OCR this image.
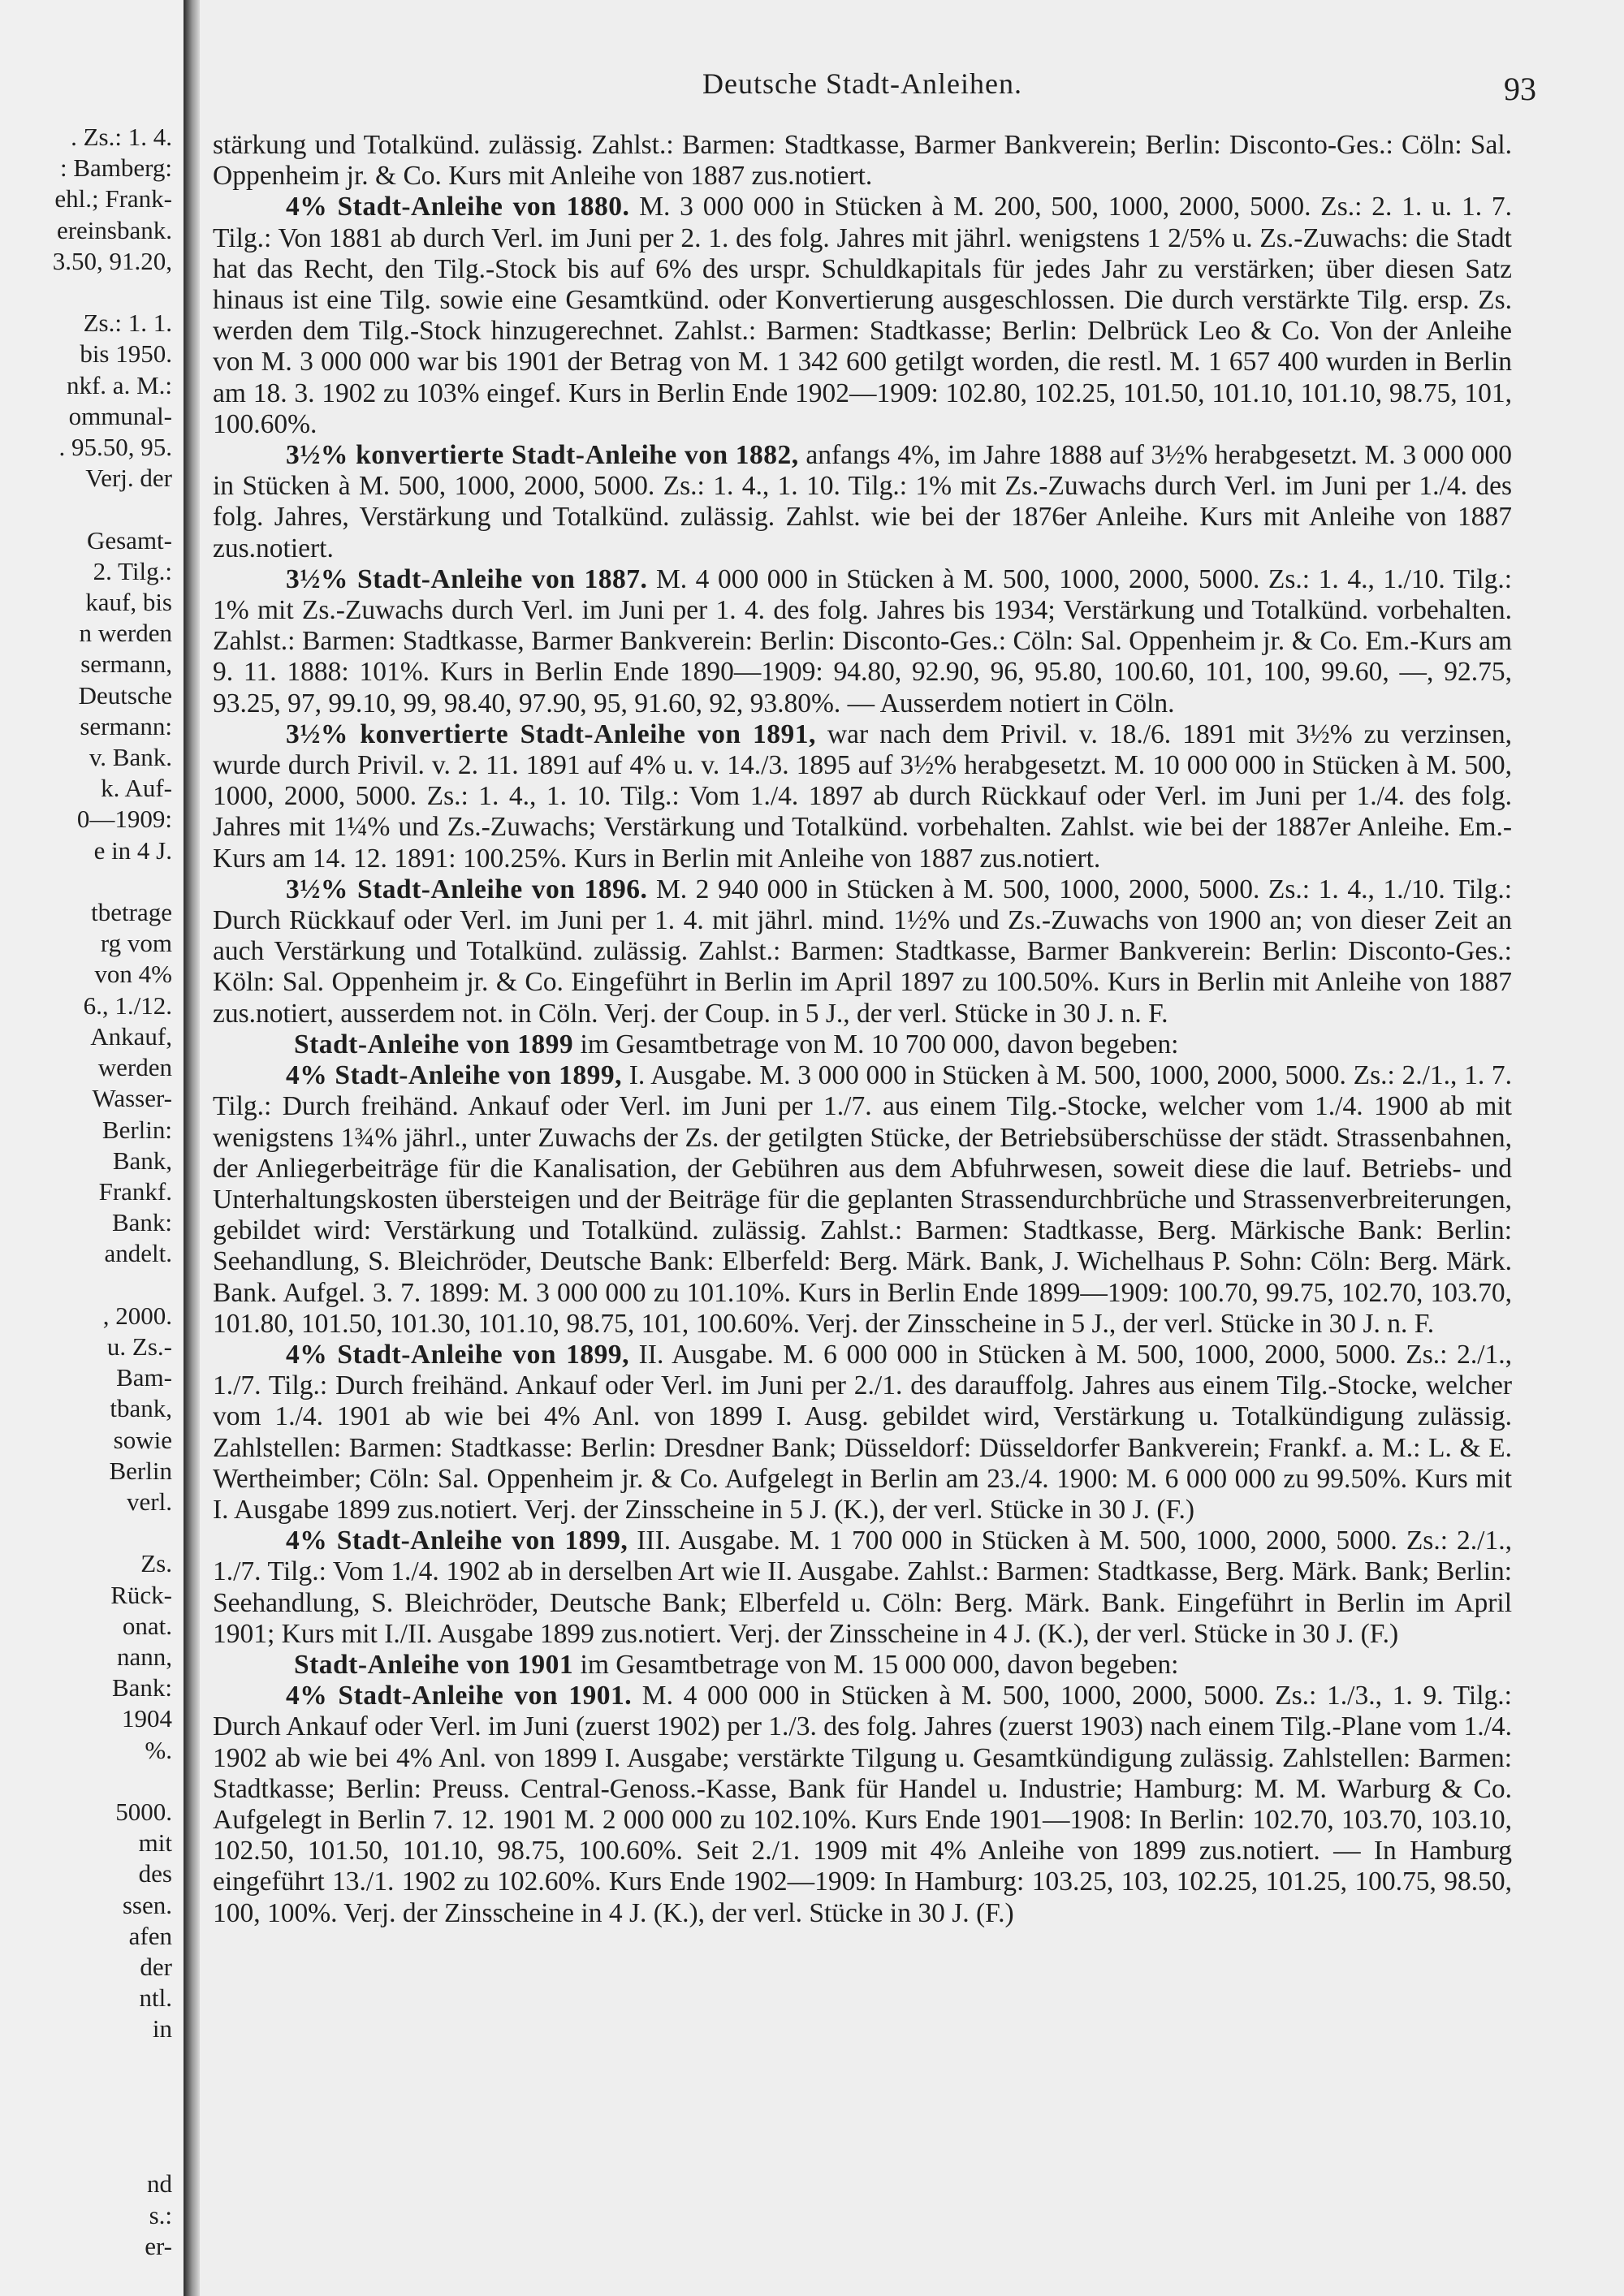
. Zs.: 1. 4.
: Bamberg:
ehl.; Frank-
ereinsbank.
3.50, 91.20,

Zs.: 1. 1.
bis 1950.
nkf. a. M.:
ommunal-
. 95.50, 95.
Verj. der

Gesamt-
2. Tilg.:
kauf, bis
n werden
sermann,
Deutsche
sermann:
v. Bank.
k. Auf-
0—1909:
e in 4 J.

tbetrage
rg vom
von 4%
6., 1./12.
Ankauf,
werden
Wasser-
Berlin:
Bank,
Frankf.
Bank:
andelt.

, 2000.
u. Zs.-
Bam-
tbank,
sowie
Berlin
verl.

Zs.
Rück-
onat.
nann,
Bank:
1904
%.

5000.
mit
des
ssen.
afen
der
ntl.
in

nd
s.:
er-
Deutsche Stadt-Anleihen.	93

stärkung und Totalkünd. zulässig. Zahlst.: Barmen: Stadtkasse, Barmer Bankverein; Berlin: Disconto-Ges.: Cöln: Sal. Oppenheim jr. & Co. Kurs mit Anleihe von 1887 zus.notiert.

4% Stadt-Anleihe von 1880. M. 3 000 000 in Stücken à M. 200, 500, 1000, 2000, 5000. Zs.: 2. 1. u. 1. 7. Tilg.: Von 1881 ab durch Verl. im Juni per 2. 1. des folg. Jahres mit jährl. wenigstens 1 2/5% u. Zs.-Zuwachs: die Stadt hat das Recht, den Tilg.-Stock bis auf 6% des urspr. Schuldkapitals für jedes Jahr zu verstärken; über diesen Satz hinaus ist eine Tilg. sowie eine Gesamtkünd. oder Konvertierung ausgeschlossen. Die durch verstärkte Tilg. ersp. Zs. werden dem Tilg.-Stock hinzugerechnet. Zahlst.: Barmen: Stadtkasse; Berlin: Delbrück Leo & Co. Von der Anleihe von M. 3 000 000 war bis 1901 der Betrag von M. 1 342 600 getilgt worden, die restl. M. 1 657 400 wurden in Berlin am 18. 3. 1902 zu 103% eingef. Kurs in Berlin Ende 1902—1909: 102.80, 102.25, 101.50, 101.10, 101.10, 98.75, 101, 100.60%.

3½% konvertierte Stadt-Anleihe von 1882, anfangs 4%, im Jahre 1888 auf 3½% herabgesetzt. M. 3 000 000 in Stücken à M. 500, 1000, 2000, 5000. Zs.: 1. 4., 1. 10. Tilg.: 1% mit Zs.-Zuwachs durch Verl. im Juni per 1./4. des folg. Jahres, Verstärkung und Totalkünd. zulässig. Zahlst. wie bei der 1876er Anleihe. Kurs mit Anleihe von 1887 zus.notiert.

3½% Stadt-Anleihe von 1887. M. 4 000 000 in Stücken à M. 500, 1000, 2000, 5000. Zs.: 1. 4., 1./10. Tilg.: 1% mit Zs.-Zuwachs durch Verl. im Juni per 1. 4. des folg. Jahres bis 1934; Verstärkung und Totalkünd. vorbehalten. Zahlst.: Barmen: Stadtkasse, Barmer Bankverein: Berlin: Disconto-Ges.: Cöln: Sal. Oppenheim jr. & Co. Em.-Kurs am 9. 11. 1888: 101%. Kurs in Berlin Ende 1890—1909: 94.80, 92.90, 96, 95.80, 100.60, 101, 100, 99.60, —, 92.75, 93.25, 97, 99.10, 99, 98.40, 97.90, 95, 91.60, 92, 93.80%. — Ausserdem notiert in Cöln.

3½% konvertierte Stadt-Anleihe von 1891, war nach dem Privil. v. 18./6. 1891 mit 3½% zu verzinsen, wurde durch Privil. v. 2. 11. 1891 auf 4% u. v. 14./3. 1895 auf 3½% herabgesetzt. M. 10 000 000 in Stücken à M. 500, 1000, 2000, 5000. Zs.: 1. 4., 1. 10. Tilg.: Vom 1./4. 1897 ab durch Rückkauf oder Verl. im Juni per 1./4. des folg. Jahres mit 1¼% und Zs.-Zuwachs; Verstärkung und Totalkünd. vorbehalten. Zahlst. wie bei der 1887er Anleihe. Em.-Kurs am 14. 12. 1891: 100.25%. Kurs in Berlin mit Anleihe von 1887 zus.notiert.

3½% Stadt-Anleihe von 1896. M. 2 940 000 in Stücken à M. 500, 1000, 2000, 5000. Zs.: 1. 4., 1./10. Tilg.: Durch Rückkauf oder Verl. im Juni per 1. 4. mit jährl. mind. 1½% und Zs.-Zuwachs von 1900 an; von dieser Zeit an auch Verstärkung und Totalkünd. zulässig. Zahlst.: Barmen: Stadtkasse, Barmer Bankverein: Berlin: Disconto-Ges.: Köln: Sal. Oppenheim jr. & Co. Eingeführt in Berlin im April 1897 zu 100.50%. Kurs in Berlin mit Anleihe von 1887 zus.notiert, ausserdem not. in Cöln. Verj. der Coup. in 5 J., der verl. Stücke in 30 J. n. F.

Stadt-Anleihe von 1899 im Gesamtbetrage von M. 10 700 000, davon begeben:

4% Stadt-Anleihe von 1899, I. Ausgabe. M. 3 000 000 in Stücken à M. 500, 1000, 2000, 5000. Zs.: 2./1., 1. 7. Tilg.: Durch freihänd. Ankauf oder Verl. im Juni per 1./7. aus einem Tilg.-Stocke, welcher vom 1./4. 1900 ab mit wenigstens 1¾% jährl., unter Zuwachs der Zs. der getilgten Stücke, der Betriebsüberschüsse der städt. Strassenbahnen, der Anliegerbeiträge für die Kanalisation, der Gebühren aus dem Abfuhrwesen, soweit diese die lauf. Betriebs- und Unterhaltungskosten übersteigen und der Beiträge für die geplanten Strassendurchbrüche und Strassenverbreiterungen, gebildet wird: Verstärkung und Totalkünd. zulässig. Zahlst.: Barmen: Stadtkasse, Berg. Märkische Bank: Berlin: Seehandlung, S. Bleichröder, Deutsche Bank: Elberfeld: Berg. Märk. Bank, J. Wichelhaus P. Sohn: Cöln: Berg. Märk. Bank. Aufgel. 3. 7. 1899: M. 3 000 000 zu 101.10%. Kurs in Berlin Ende 1899—1909: 100.70, 99.75, 102.70, 103.70, 101.80, 101.50, 101.30, 101.10, 98.75, 101, 100.60%. Verj. der Zinsscheine in 5 J., der verl. Stücke in 30 J. n. F.

4% Stadt-Anleihe von 1899, II. Ausgabe. M. 6 000 000 in Stücken à M. 500, 1000, 2000, 5000. Zs.: 2./1., 1./7. Tilg.: Durch freihänd. Ankauf oder Verl. im Juni per 2./1. des darauffolg. Jahres aus einem Tilg.-Stocke, welcher vom 1./4. 1901 ab wie bei 4% Anl. von 1899 I. Ausg. gebildet wird, Verstärkung u. Totalkündigung zulässig. Zahlstellen: Barmen: Stadtkasse: Berlin: Dresdner Bank; Düsseldorf: Düsseldorfer Bankverein; Frankf. a. M.: L. & E. Wertheimber; Cöln: Sal. Oppenheim jr. & Co. Aufgelegt in Berlin am 23./4. 1900: M. 6 000 000 zu 99.50%. Kurs mit I. Ausgabe 1899 zus.notiert. Verj. der Zinsscheine in 5 J. (K.), der verl. Stücke in 30 J. (F.)

4% Stadt-Anleihe von 1899, III. Ausgabe. M. 1 700 000 in Stücken à M. 500, 1000, 2000, 5000. Zs.: 2./1., 1./7. Tilg.: Vom 1./4. 1902 ab in derselben Art wie II. Ausgabe. Zahlst.: Barmen: Stadtkasse, Berg. Märk. Bank; Berlin: Seehandlung, S. Bleichröder, Deutsche Bank; Elberfeld u. Cöln: Berg. Märk. Bank. Eingeführt in Berlin im April 1901; Kurs mit I./II. Ausgabe 1899 zus.notiert. Verj. der Zinsscheine in 4 J. (K.), der verl. Stücke in 30 J. (F.)

Stadt-Anleihe von 1901 im Gesamtbetrage von M. 15 000 000, davon begeben:

4% Stadt-Anleihe von 1901. M. 4 000 000 in Stücken à M. 500, 1000, 2000, 5000. Zs.: 1./3., 1. 9. Tilg.: Durch Ankauf oder Verl. im Juni (zuerst 1902) per 1./3. des folg. Jahres (zuerst 1903) nach einem Tilg.-Plane vom 1./4. 1902 ab wie bei 4% Anl. von 1899 I. Ausgabe; verstärkte Tilgung u. Gesamtkündigung zulässig. Zahlstellen: Barmen: Stadtkasse; Berlin: Preuss. Central-Genoss.-Kasse, Bank für Handel u. Industrie; Hamburg: M. M. Warburg & Co. Aufgelegt in Berlin 7. 12. 1901 M. 2 000 000 zu 102.10%. Kurs Ende 1901—1908: In Berlin: 102.70, 103.70, 103.10, 102.50, 101.50, 101.10, 98.75, 100.60%. Seit 2./1. 1909 mit 4% Anleihe von 1899 zus.notiert. — In Hamburg eingeführt 13./1. 1902 zu 102.60%. Kurs Ende 1902—1909: In Hamburg: 103.25, 103, 102.25, 101.25, 100.75, 98.50, 100, 100%. Verj. der Zinsscheine in 4 J. (K.), der verl. Stücke in 30 J. (F.)
